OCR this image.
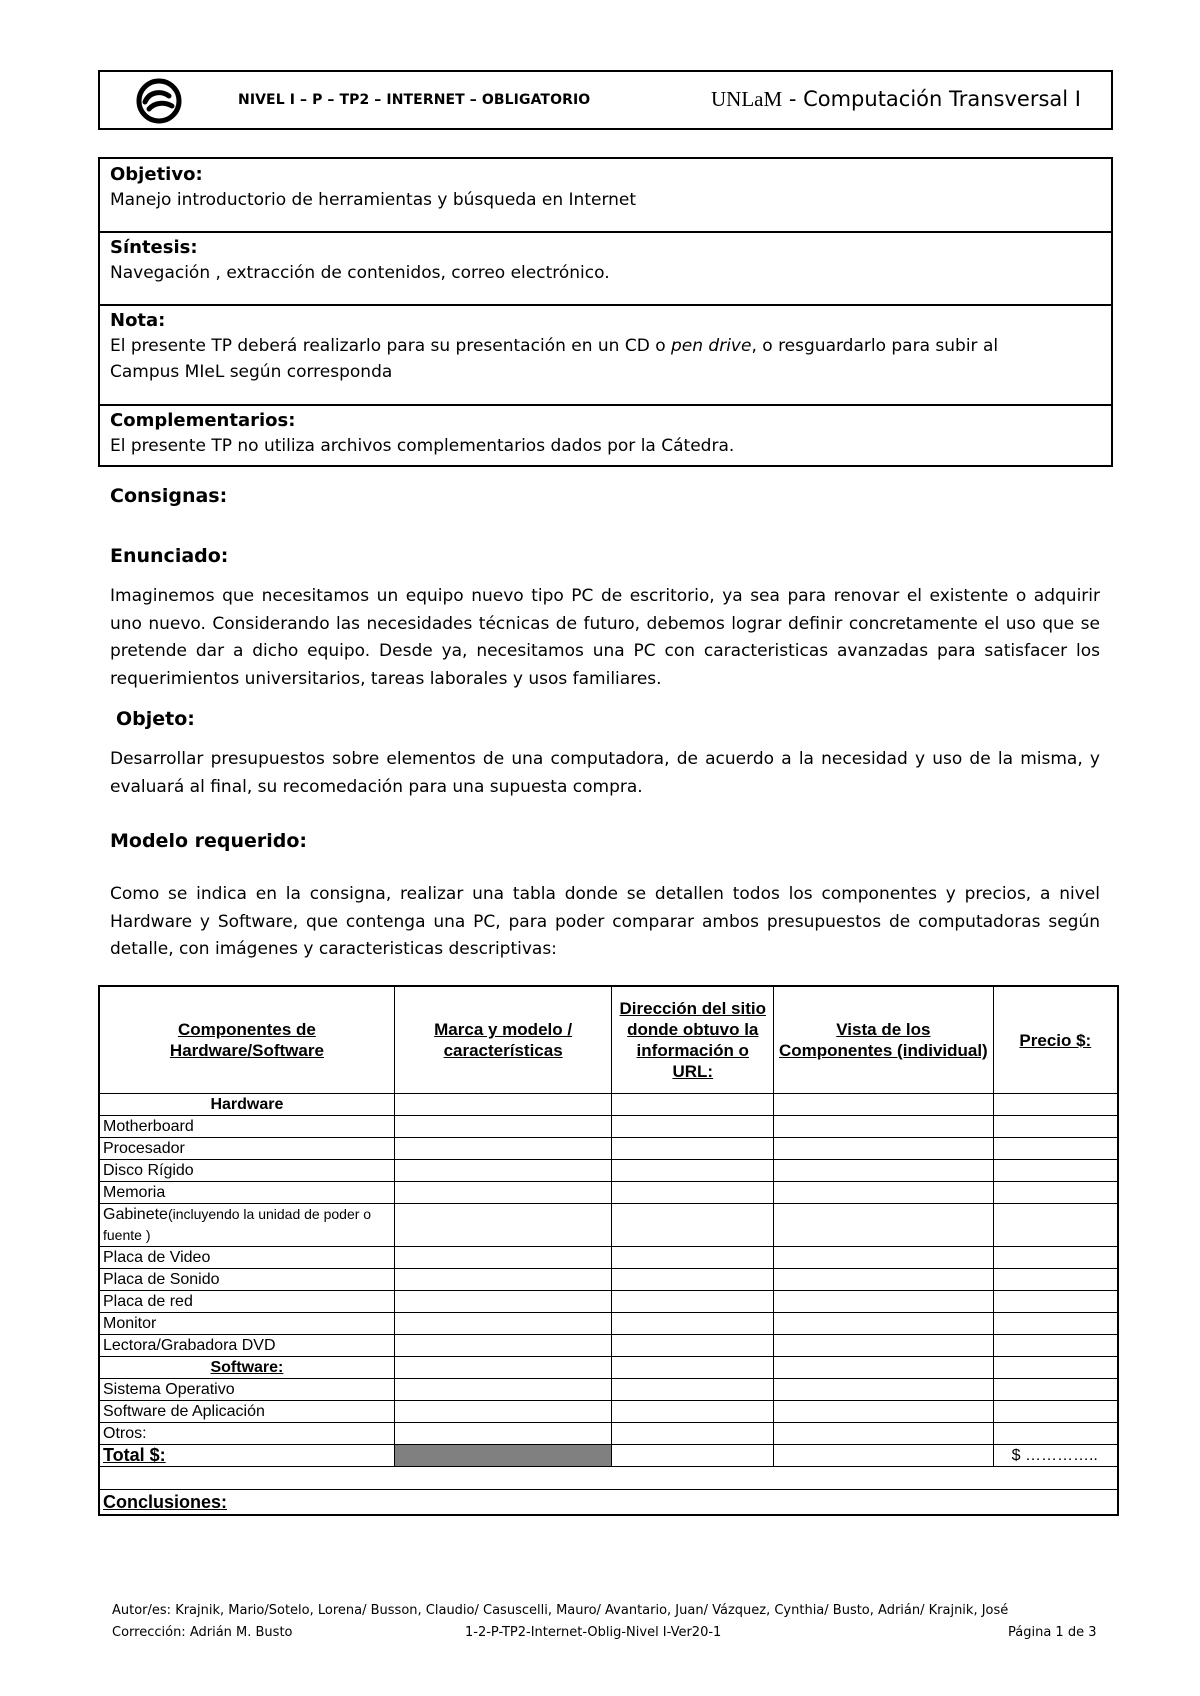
NIVEL I – P – TP2 – INTERNET – OBLIGATORIO	UNLaM - Computación Transversal I
Objetivo:
Manejo introductorio de herramientas y búsqueda en Internet
Síntesis:
Navegación , extracción de contenidos, correo electrónico.
Nota:
El presente TP deberá realizarlo para su presentación en un CD o pen drive, o resguardarlo para subir al
Campus MIeL según corresponda
Complementarios:
El presente TP no utiliza archivos complementarios dados por la Cátedra.
Consignas:
Enunciado:
Imaginemos que necesitamos un equipo nuevo tipo PC de escritorio, ya sea para renovar el existente o adquirir uno nuevo. Considerando las necesidades técnicas de futuro, debemos lograr definir concretamente el uso que se pretende dar a dicho equipo. Desde ya, necesitamos una PC con caracteristicas avanzadas para satisfacer los requerimientos universitarios, tareas laborales y usos familiares.
Objeto:
Desarrollar presupuestos sobre elementos de una computadora, de acuerdo a la necesidad y uso de la misma, y evaluará al final, su recomedación para una supuesta compra.
Modelo requerido:
Como se indica en la consigna, realizar una tabla donde se detallen todos los componentes y precios, a nivel Hardware y Software, que contenga una PC, para poder comparar ambos presupuestos de computadoras según detalle, con imágenes y caracteristicas descriptivas:
Componentes de Hardware/Software	Marca y modelo / características	Dirección del sitio donde obtuvo la información o URL:	Vista de los Componentes (individual)	Precio $:
Hardware				
Motherboard				
Procesador				
Disco Rígido				
Memoria				
Gabinete(incluyendo la unidad de poder o fuente )				
Placa de Video				
Placa de Sonido				
Placa de red				
Monitor				
Lectora/Grabadora DVD				
Software:				
Sistema Operativo				
Software de Aplicación				
Otros:				
Total $:				$ …………..

Conclusiones:				
Autor/es: Krajnik, Mario/Sotelo, Lorena/ Busson, Claudio/ Casuscelli, Mauro/ Avantario, Juan/ Vázquez, Cynthia/ Busto, Adrián/ Krajnik, José
Corrección: Adrián M. Busto	1-2-P-TP2-Internet-Oblig-Nivel I-Ver20-1	Página 1 de 3
